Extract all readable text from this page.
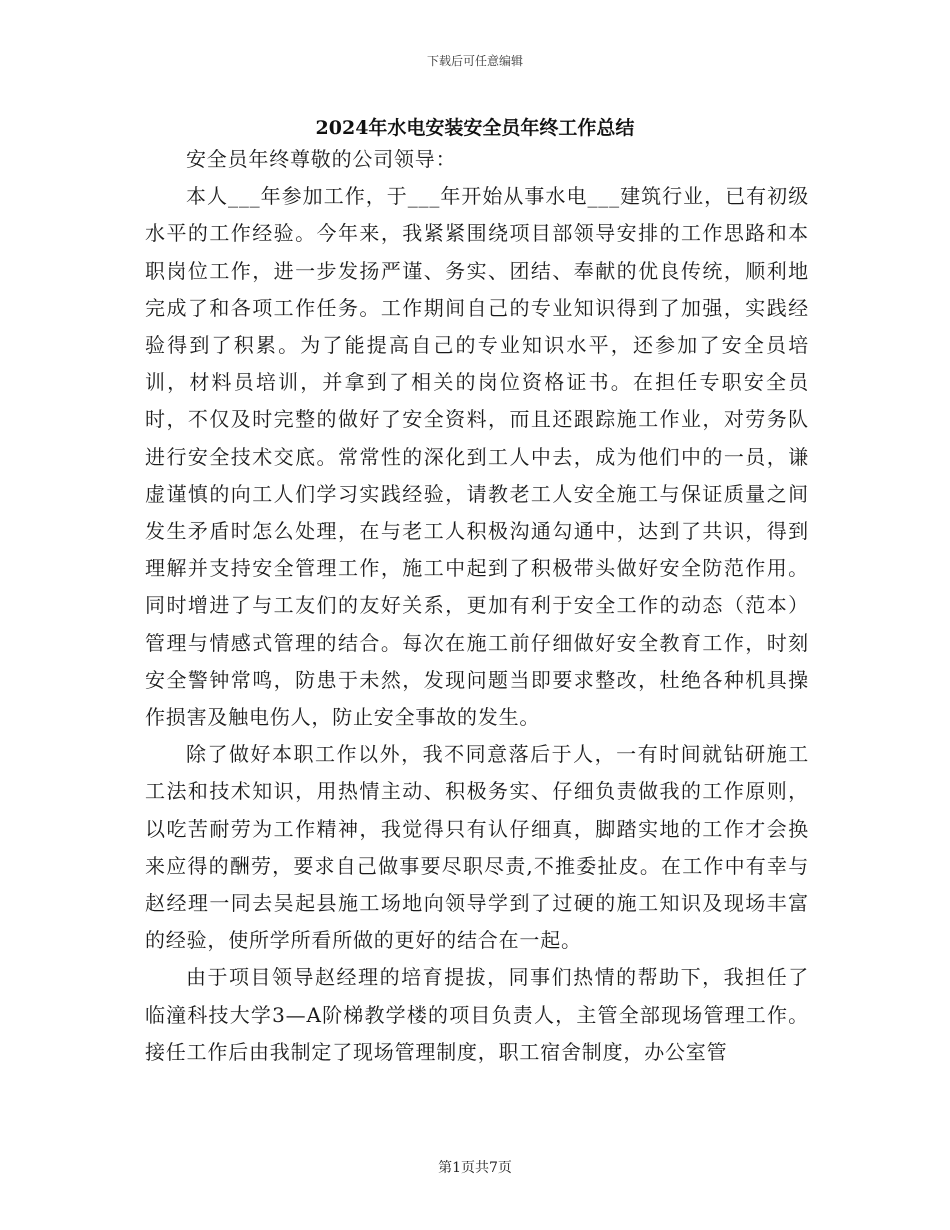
下载后可任意编辑
2024年水电安装安全员年终工作总结

安全员年终尊敬的公司领导：

本人___年参加工作，于___年开始从事水电___建筑行业，已有初级水平的工作经验。今年来，我紧紧围绕项目部领导安排的工作思路和本职岗位工作，进一步发扬严谨、务实、团结、奉献的优良传统，顺利地完成了和各项工作任务。工作期间自己的专业知识得到了加强，实践经验得到了积累。为了能提高自己的专业知识水平，还参加了安全员培训，材料员培训，并拿到了相关的岗位资格证书。在担任专职安全员时，不仅及时完整的做好了安全资料，而且还跟踪施工作业，对劳务队进行安全技术交底。常常性的深化到工人中去，成为他们中的一员，谦虚谨慎的向工人们学习实践经验，请教老工人安全施工与保证质量之间发生矛盾时怎么处理，在与老工人积极沟通勾通中，达到了共识，得到理解并支持安全管理工作，施工中起到了积极带头做好安全防范作用。同时增进了与工友们的友好关系，更加有利于安全工作的动态（范本）管理与情感式管理的结合。每次在施工前仔细做好安全教育工作，时刻安全警钟常鸣，防患于未然，发现问题当即要求整改，杜绝各种机具操作损害及触电伤人，防止安全事故的发生。

除了做好本职工作以外，我不同意落后于人，一有时间就钻研施工工法和技术知识，用热情主动、积极务实、仔细负责做我的工作原则，以吃苦耐劳为工作精神，我觉得只有认仔细真，脚踏实地的工作才会换来应得的酬劳，要求自己做事要尽职尽责,不推委扯皮。在工作中有幸与赵经理一同去吴起县施工场地向领导学到了过硬的施工知识及现场丰富的经验，使所学所看所做的更好的结合在一起。

由于项目领导赵经理的培育提拔，同事们热情的帮助下，我担任了临潼科技大学3—A阶梯教学楼的项目负责人，主管全部现场管理工作。接任工作后由我制定了现场管理制度，职工宿舍制度，办公室管

第1页共7页
